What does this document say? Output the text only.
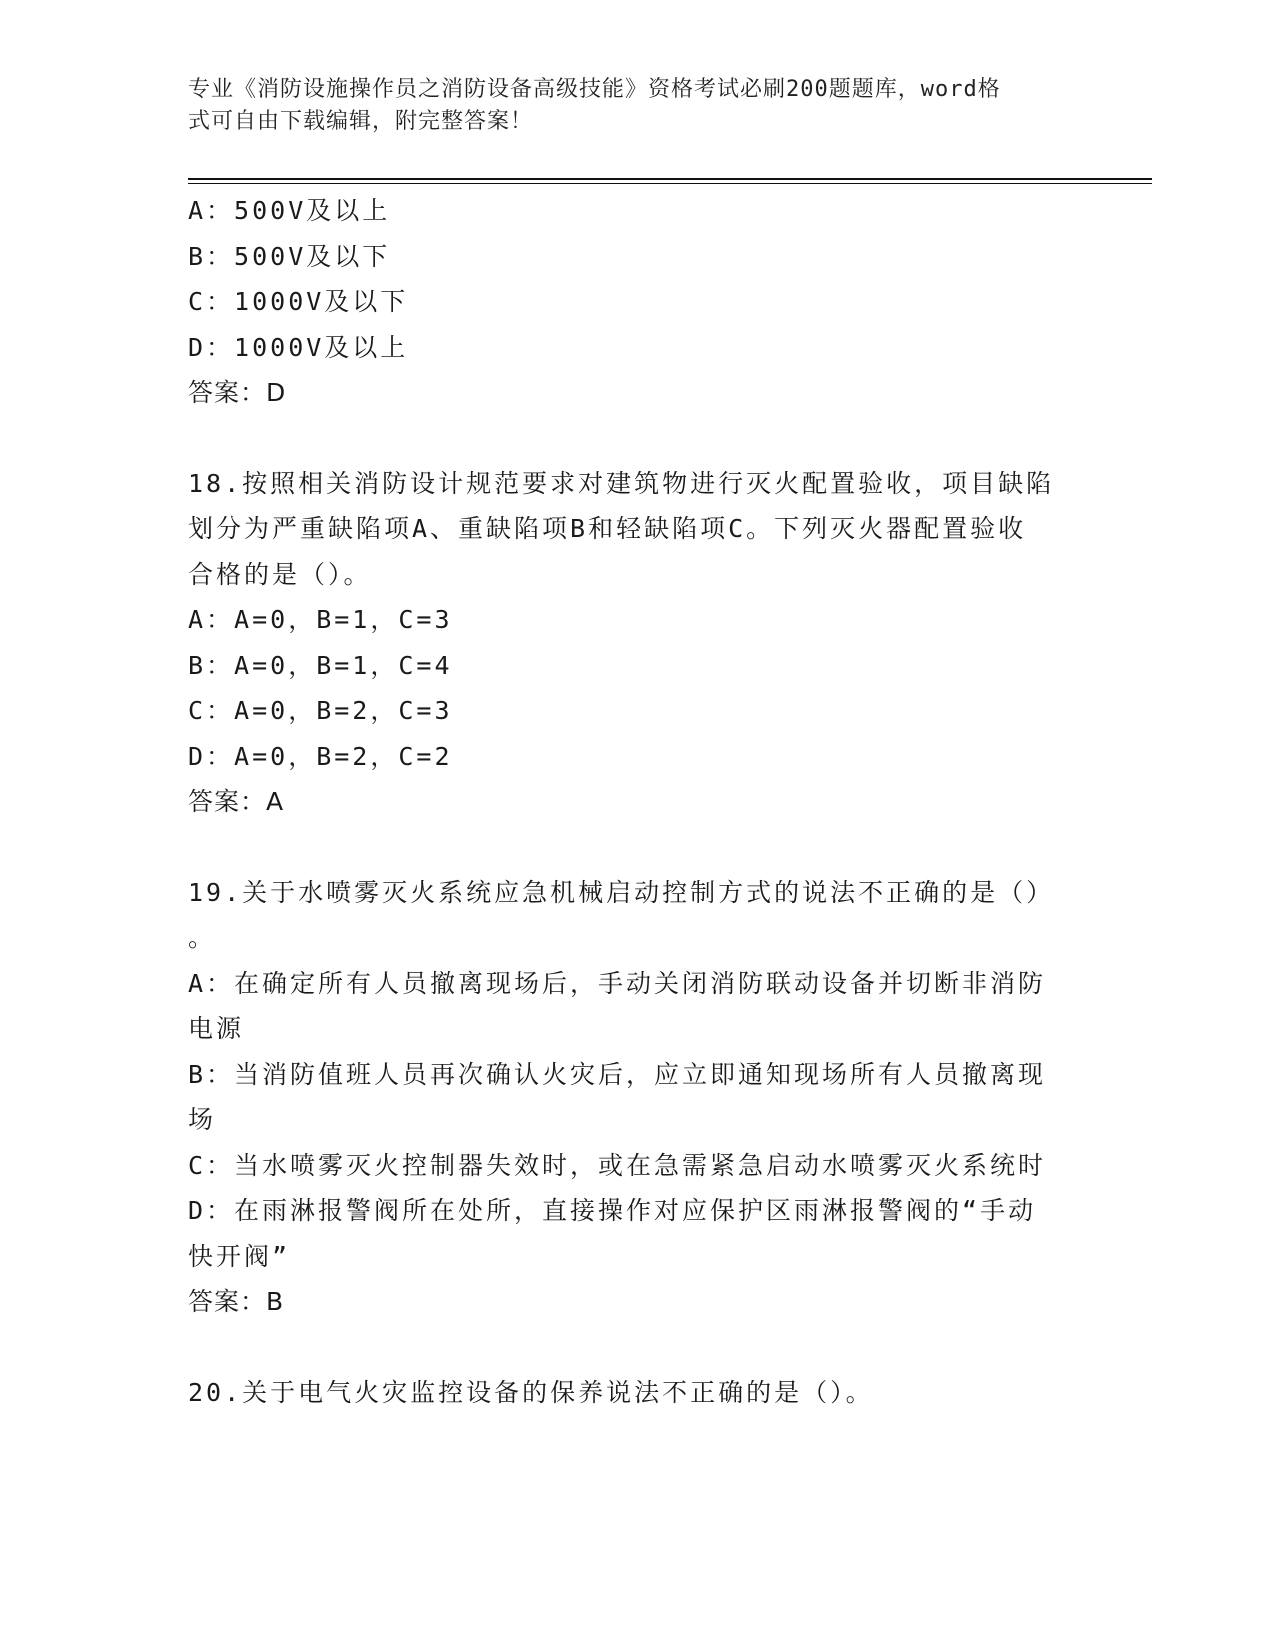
专业《消防设施操作员之消防设备高级技能》资格考试必刷200题题库，word格
式可自由下载编辑，附完整答案！
A：500V及以上
B：500V及以下
C：1000V及以下
D：1000V及以上
答案：D
18.按照相关消防设计规范要求对建筑物进行灭火配置验收，项目缺陷
划分为严重缺陷项A、重缺陷项B和轻缺陷项C。下列灭火器配置验收
合格的是（）。
A：A=0，B=1，C=3
B：A=0，B=1，C=4
C：A=0，B=2，C=3
D：A=0，B=2，C=2
答案：A
19.关于水喷雾灭火系统应急机械启动控制方式的说法不正确的是（）
。
A：在确定所有人员撤离现场后，手动关闭消防联动设备并切断非消防
电源
B：当消防值班人员再次确认火灾后，应立即通知现场所有人员撤离现
场
C：当水喷雾灭火控制器失效时，或在急需紧急启动水喷雾灭火系统时
D：在雨淋报警阀所在处所，直接操作对应保护区雨淋报警阀的“手动
快开阀”
答案：B
20.关于电气火灾监控设备的保养说法不正确的是（）。
